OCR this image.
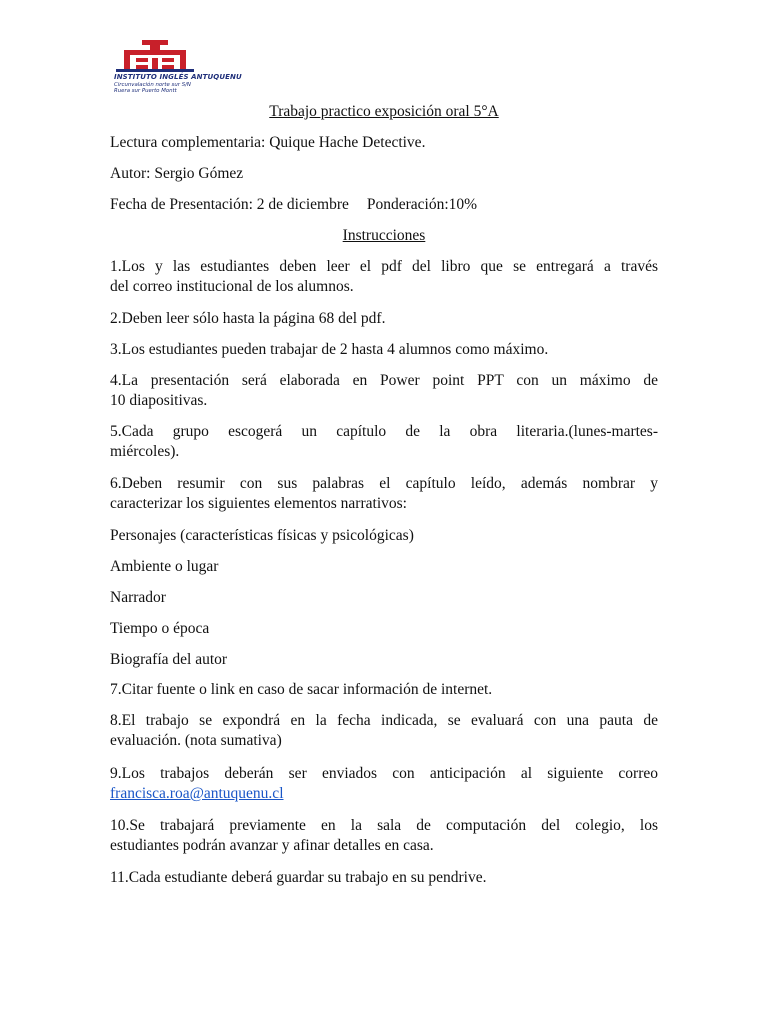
INSTITUTO INGLÉS ANTUQUENU
Circunvalación norte sur S/N Ruera sur Puerto Montt
Trabajo practico exposición oral 5°A
Lectura complementaria: Quique Hache Detective.
Autor: Sergio Gómez
Fecha de Presentación: 2 de diciembre Ponderación:10%
Instrucciones
1.Los y las estudiantes deben leer el pdf del libro que se entregará a través
del correo institucional de los alumnos.
2.Deben leer sólo hasta la página 68 del pdf.
3.Los estudiantes pueden trabajar de 2 hasta 4 alumnos como máximo.
4.La presentación será elaborada en Power point PPT con un máximo de
10 diapositivas.
5.Cada grupo escogerá un capítulo de la obra literaria.(lunes-martes-
miércoles).
6.Deben resumir con sus palabras el capítulo leído, además nombrar y
caracterizar los siguientes elementos narrativos:
Personajes (características físicas y psicológicas)
Ambiente o lugar
Narrador
Tiempo o época
Biografía del autor
7.Citar fuente o link en caso de sacar información de internet.
8.El trabajo se expondrá en la fecha indicada, se evaluará con una pauta de
evaluación. (nota sumativa)
9.Los trabajos deberán ser enviados con anticipación al siguiente correo
francisca.roa@antuquenu.cl
10.Se trabajará previamente en la sala de computación del colegio, los
estudiantes podrán avanzar y afinar detalles en casa.
11.Cada estudiante deberá guardar su trabajo en su pendrive.
